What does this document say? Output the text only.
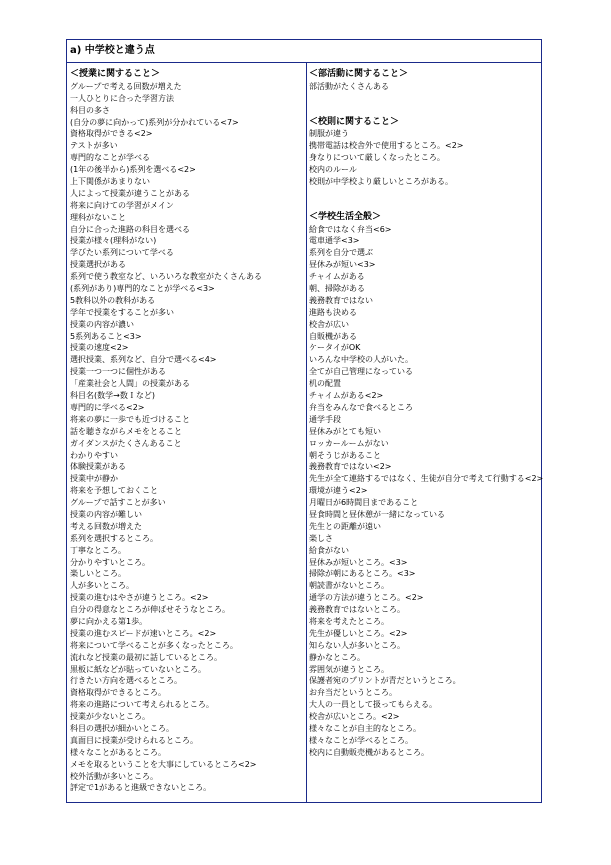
a) 中学校と違う点
＜授業に関すること＞
グループで考える回数が増えた
一人ひとりに合った学習方法
科目の多さ
(自分の夢に向かって)系列が分かれている<7>
資格取得ができる<2>
テストが多い
専門的なことが学べる
(1年の後半から)系列を選べる<2>
上下関係があまりない
人によって授業が違うことがある
将来に向けての学習がメイン
理科がないこと
自分に合った進路の科目を選べる
授業が様々(理科がない)
学びたい系列について学べる
授業選択がある
系列で使う教室など、いろいろな教室がたくさんある
(系列があり)専門的なことが学べる<3>
5教科以外の教科がある
学年で授業をすることが多い
授業の内容が濃い
5系列あること<3>
授業の速度<2>
選択授業、系列など、自分で選べる<4>
授業一つ一つに個性がある
「産業社会と人間」の授業がある
科目名(数学→数Ｉなど)
専門的に学べる<2>
将来の夢に一歩でも近づけること
話を聴きながらメモをとること
ガイダンスがたくさんあること
わかりやすい
体験授業がある
授業中が静か
将来を予想しておくこと
グループで話すことが多い
授業の内容が難しい
考える回数が増えた
系列を選択するところ。
丁寧なところ。
分かりやすいところ。
楽しいところ。
人が多いところ。
授業の進むはやさが違うところ。<2>
自分の得意なところが伸ばせそうなところ。
夢に向かえる第1歩。
授業の進むスピードが速いところ。<2>
将来について学べることが多くなったところ。
流れなど授業の最初に話しているところ。
黒板に紙などが貼っていないところ。
行きたい方向を選べるところ。
資格取得ができるところ。
将来の進路について考えられるところ。
授業が少ないところ。
科目の選択が細かいところ。
真面目に授業が受けられるところ。
様々なことがあるところ。
メモを取るということを大事にしているところ<2>
校外活動が多いところ。
評定で1があると進級できないところ。
＜部活動に関すること＞
部活動がたくさんある
＜校則に関すること＞
制服が違う
携帯電話は校舎外で使用するところ。<2>
身なりについて厳しくなったところ。
校内のルール
校則が中学校より厳しいところがある。
＜学校生活全般＞
給食ではなく弁当<6>
電車通学<3>
系列を自分で選ぶ
昼休みが短い<3>
チャイムがある
朝、掃除がある
義務教育ではない
進路も決める
校舎が広い
自販機がある
ケータイがOK
いろんな中学校の人がいた。
全てが自己管理になっている
机の配置
チャイムがある<2>
弁当をみんなで食べるところ
通学手段
昼休みがとても短い
ロッカールームがない
朝そうじがあること
義務教育ではない<2>
先生が全て連絡するではなく、生徒が自分で考えて行動する<2>
環境が違う<2>
月曜日が6時間目まであること
昼食時間と昼休憩が一緒になっている
先生との距離が遠い
楽しさ
給食がない
昼休みが短いところ。<3>
掃除が朝にあるところ。<3>
朝読書がないところ。
通学の方法が違うところ。<2>
義務教育ではないところ。
将来を考えたところ。
先生が優しいところ。<2>
知らない人が多いところ。
静かなところ。
雰囲気が違うところ。
保護者宛のプリントが青だというところ。
お弁当だというところ。
大人の一員として扱ってもらえる。
校舎が広いところ。<2>
様々なことが自主的なところ。
様々なことが学べるところ。
校内に自動販売機があるところ。
